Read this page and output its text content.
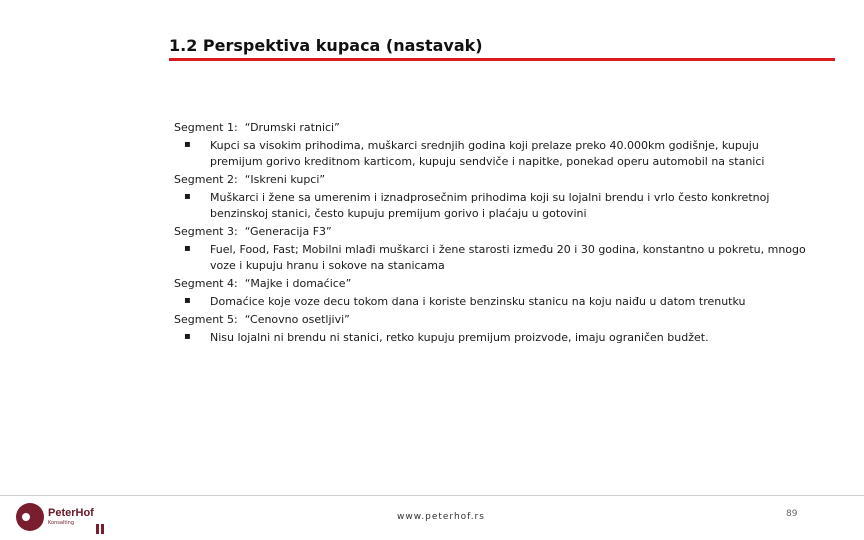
1.2 Perspektiva kupaca (nastavak)
Segment 1: “Drumski ratnici”
▪ Kupci sa visokim prihodima, muškarci srednjih godina koji prelaze preko 40.000km godišnje, kupuju premijum gorivo kreditnom karticom, kupuju sendviče i napitke, ponekad operu automobil na stanici
Segment 2: “Iskreni kupci”
▪ Muškarci i žene sa umerenim i iznadprosečnim prihodima koji su lojalni brendu i vrlo često konkretnoj benzinskoj stanici, često kupuju premijum gorivo i plaćaju u gotovini
Segment 3: “Generacija F3”
▪ Fuel, Food, Fast; Mobilni mlađi muškarci i žene starosti između 20 i 30 godina, konstantno u pokretu, mnogo voze i kupuju hranu i sokove na stanicama
Segment 4: “Majke i domaćice”
▪ Domaćice koje voze decu tokom dana i koriste benzinsku stanicu na koju naiđu u datom trenutku
Segment 5: “Cenovno osetljivi”
▪ Nisu lojalni ni brendu ni stanici, retko kupuju premijum proizvode, imaju ograničen budžet.
PeterHof
Konsalting
www.peterhof.rs	89
